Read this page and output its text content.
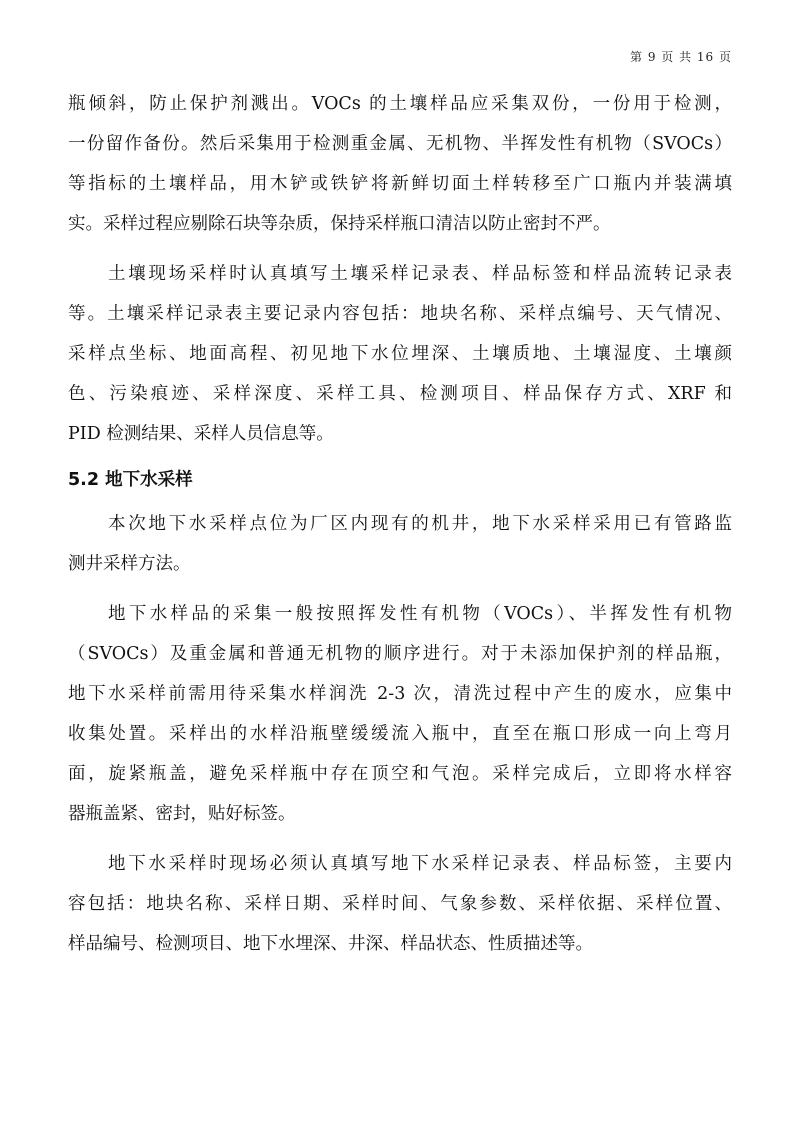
第 9 页 共 16 页
瓶倾斜，防止保护剂溅出。VOCs 的土壤样品应采集双份，一份用于检测，
一份留作备份。然后采集用于检测重金属、无机物、半挥发性有机物（SVOCs）
等指标的土壤样品，用木铲或铁铲将新鲜切面土样转移至广口瓶内并装满填
实。采样过程应剔除石块等杂质，保持采样瓶口清洁以防止密封不严。
土壤现场采样时认真填写土壤采样记录表、样品标签和样品流转记录表
等。土壤采样记录表主要记录内容包括：地块名称、采样点编号、天气情况、
采样点坐标、地面高程、初见地下水位埋深、土壤质地、土壤湿度、土壤颜
色、污染痕迹、采样深度、采样工具、检测项目、样品保存方式、XRF 和
PID 检测结果、采样人员信息等。
5.2 地下水采样
本次地下水采样点位为厂区内现有的机井，地下水采样采用已有管路监
测井采样方法。
地下水样品的采集一般按照挥发性有机物（VOCs）、半挥发性有机物
（SVOCs）及重金属和普通无机物的顺序进行。对于未添加保护剂的样品瓶，
地下水采样前需用待采集水样润洗 2-3 次，清洗过程中产生的废水，应集中
收集处置。采样出的水样沿瓶壁缓缓流入瓶中，直至在瓶口形成一向上弯月
面，旋紧瓶盖，避免采样瓶中存在顶空和气泡。采样完成后，立即将水样容
器瓶盖紧、密封，贴好标签。
地下水采样时现场必须认真填写地下水采样记录表、样品标签，主要内
容包括：地块名称、采样日期、采样时间、气象参数、采样依据、采样位置、
样品编号、检测项目、地下水埋深、井深、样品状态、性质描述等。
